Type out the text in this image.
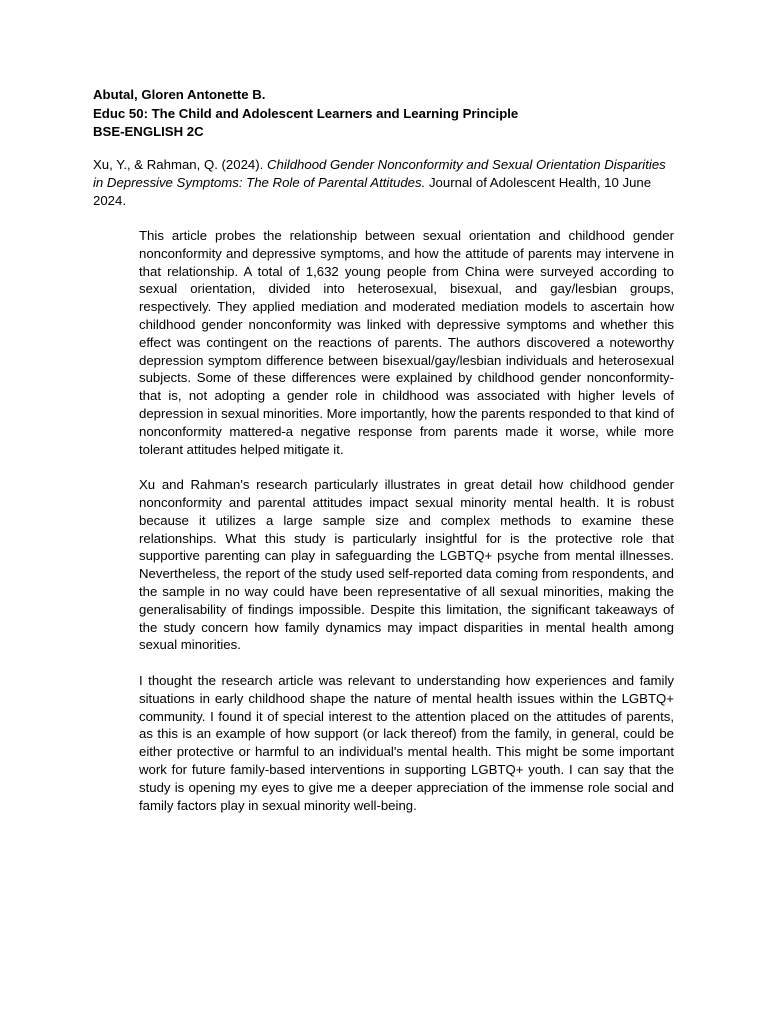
Abutal, Gloren Antonette B.
Educ 50: The Child and Adolescent Learners and Learning Principle
BSE-ENGLISH 2C
Xu, Y., & Rahman, Q. (2024). Childhood Gender Nonconformity and Sexual Orientation Disparities in Depressive Symptoms: The Role of Parental Attitudes. Journal of Adolescent Health, 10 June 2024.

This article probes the relationship between sexual orientation and childhood gender nonconformity and depressive symptoms, and how the attitude of parents may intervene in that relationship. A total of 1,632 young people from China were surveyed according to sexual orientation, divided into heterosexual, bisexual, and gay/lesbian groups, respectively. They applied mediation and moderated mediation models to ascertain how childhood gender nonconformity was linked with depressive symptoms and whether this effect was contingent on the reactions of parents. The authors discovered a noteworthy depression symptom difference between bisexual/gay/lesbian individuals and heterosexual subjects. Some of these differences were explained by childhood gender nonconformity-that is, not adopting a gender role in childhood was associated with higher levels of depression in sexual minorities. More importantly, how the parents responded to that kind of nonconformity mattered-a negative response from parents made it worse, while more tolerant attitudes helped mitigate it.

Xu and Rahman's research particularly illustrates in great detail how childhood gender nonconformity and parental attitudes impact sexual minority mental health. It is robust because it utilizes a large sample size and complex methods to examine these relationships. What this study is particularly insightful for is the protective role that supportive parenting can play in safeguarding the LGBTQ+ psyche from mental illnesses. Nevertheless, the report of the study used self-reported data coming from respondents, and the sample in no way could have been representative of all sexual minorities, making the generalisability of findings impossible. Despite this limitation, the significant takeaways of the study concern how family dynamics may impact disparities in mental health among sexual minorities.

I thought the research article was relevant to understanding how experiences and family situations in early childhood shape the nature of mental health issues within the LGBTQ+ community. I found it of special interest to the attention placed on the attitudes of parents, as this is an example of how support (or lack thereof) from the family, in general, could be either protective or harmful to an individual's mental health. This might be some important work for future family-based interventions in supporting LGBTQ+ youth. I can say that the study is opening my eyes to give me a deeper appreciation of the immense role social and family factors play in sexual minority well-being.
